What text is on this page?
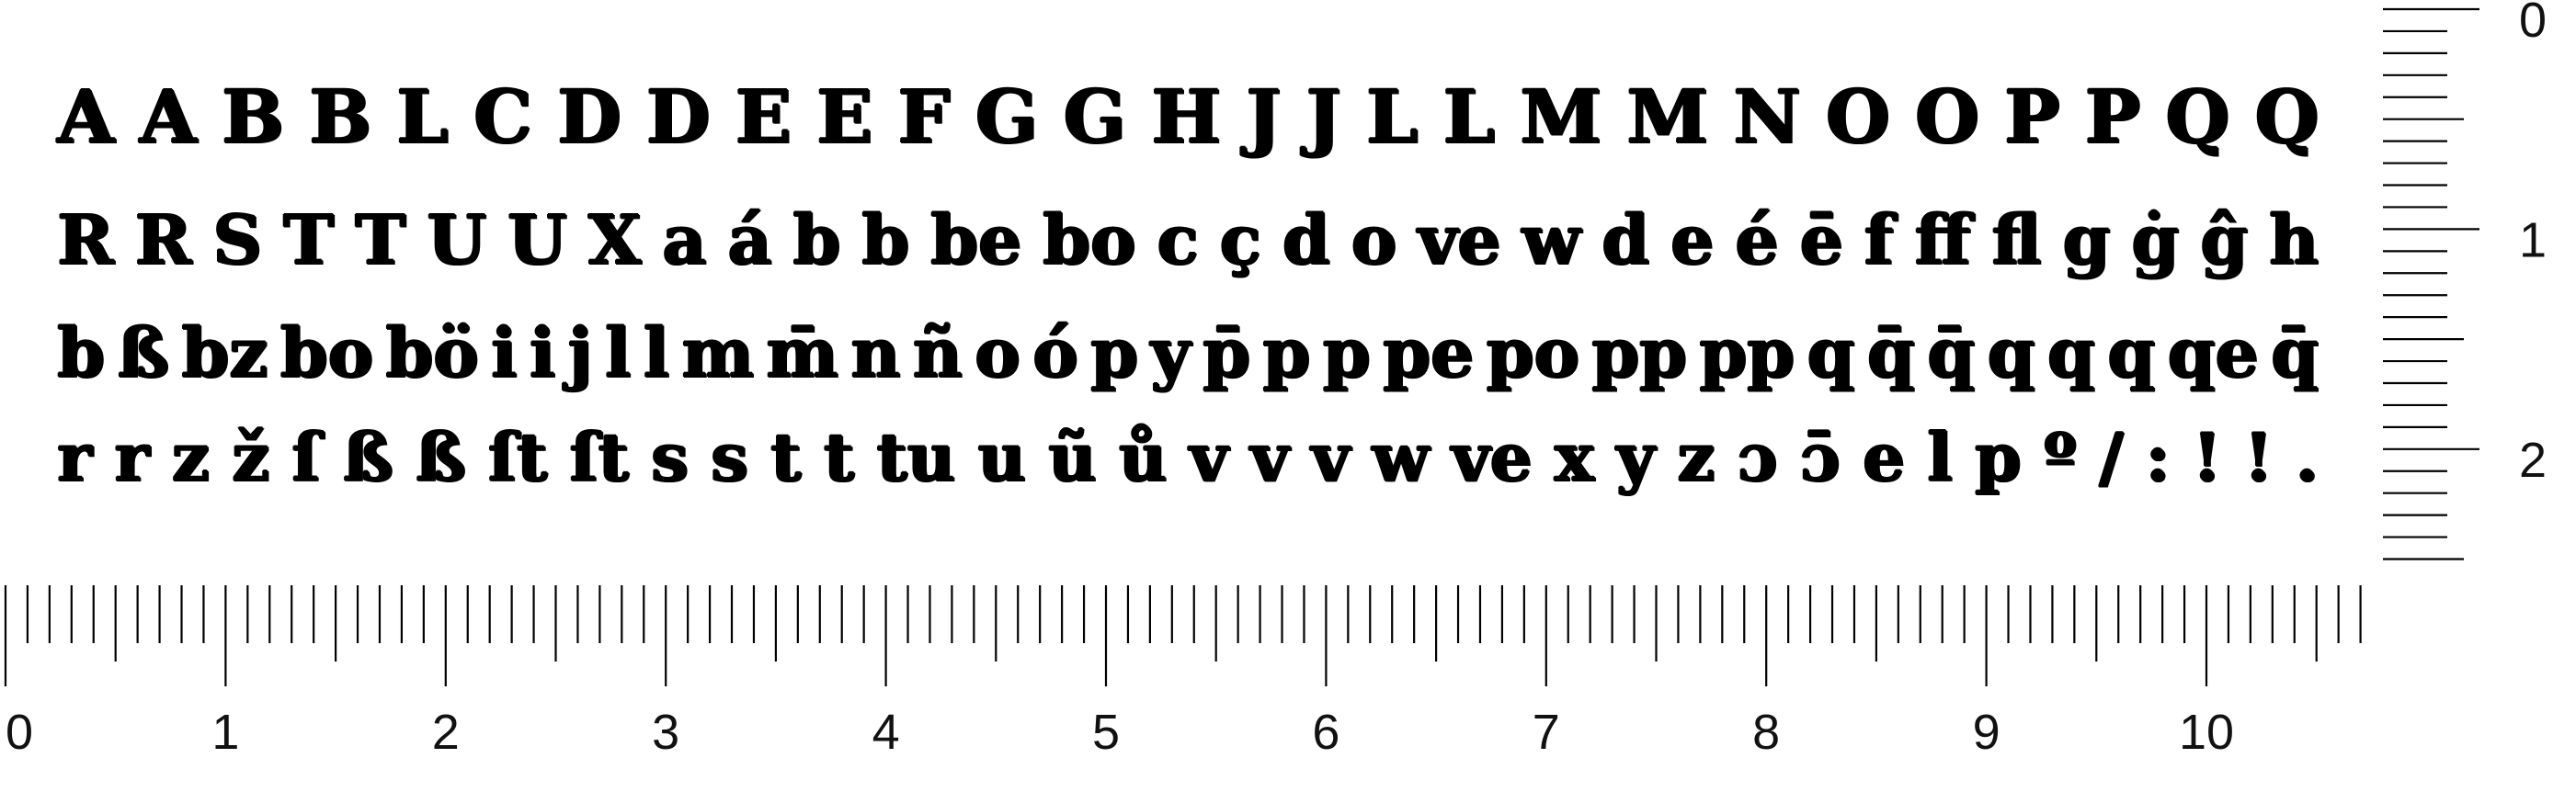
A A B B L C D D E E F G G H J J L L M M N O O P P Q Q
R R S T T U U X a á b b be bo c ç d o ve w d e é ē f ff fl g ġ ĝ h
b ß bz bo bö i i j l l m m̄ n ñ o ó p y p̄ p p pe po pp pp q q̄ q̄ q q q qe q̄
r r z ž ſ ß ß ſt ſt s s t t tu u ũ ů v v v w ve x y z ɔ ɔ̄ e l p º / : ! ! .
0
1
2
0	1	2	3	4	5	6	7	8	9	10
